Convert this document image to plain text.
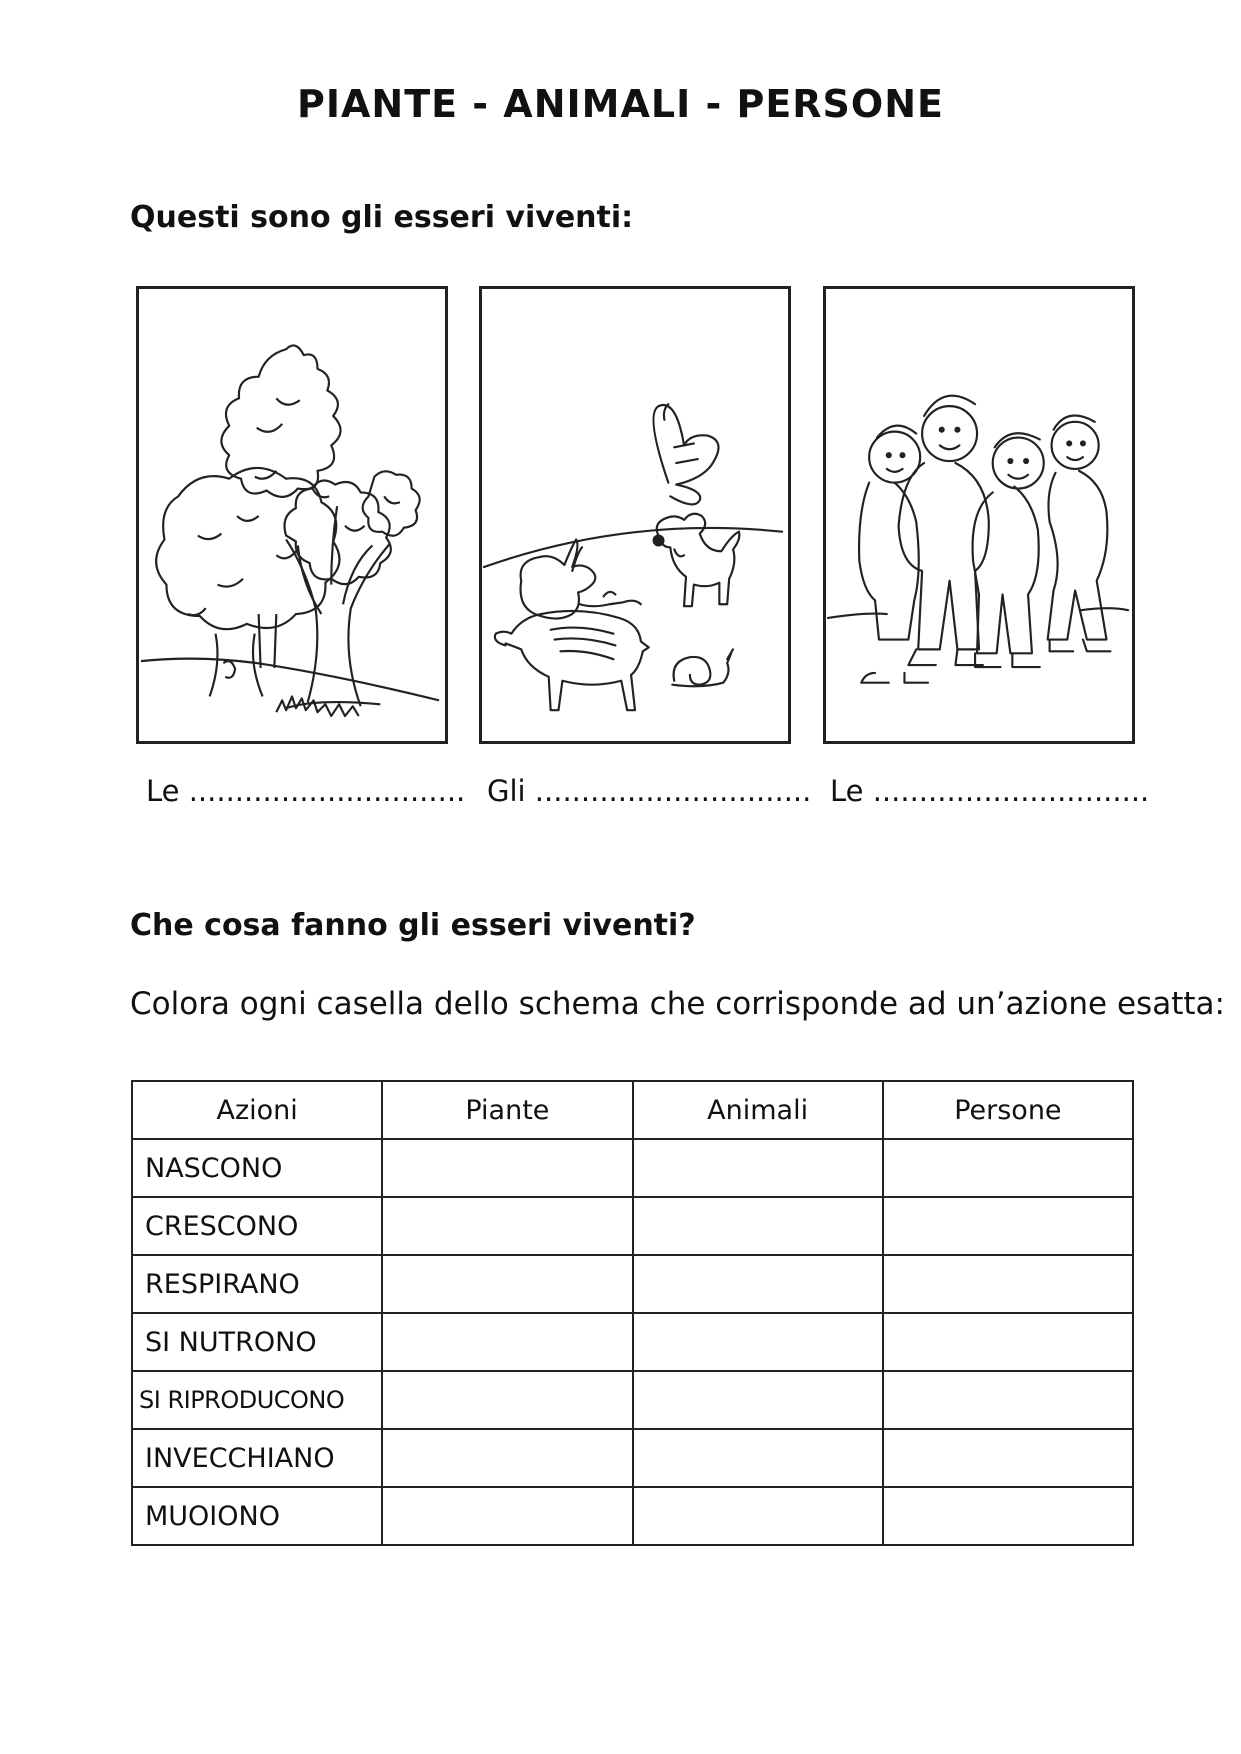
PIANTE - ANIMALI - PERSONE
Questi sono gli esseri viventi:
Le .............................. Gli .............................. Le ..............................
Che cosa fanno gli esseri viventi?
Colora ogni casella dello schema che corrisponde ad un’azione esatta:
Azioni	Piante	Animali	Persone
NASCONO			
CRESCONO			
RESPIRANO			
SI NUTRONO			
SI RIPRODUCONO			
INVECCHIANO			
MUOIONO			
